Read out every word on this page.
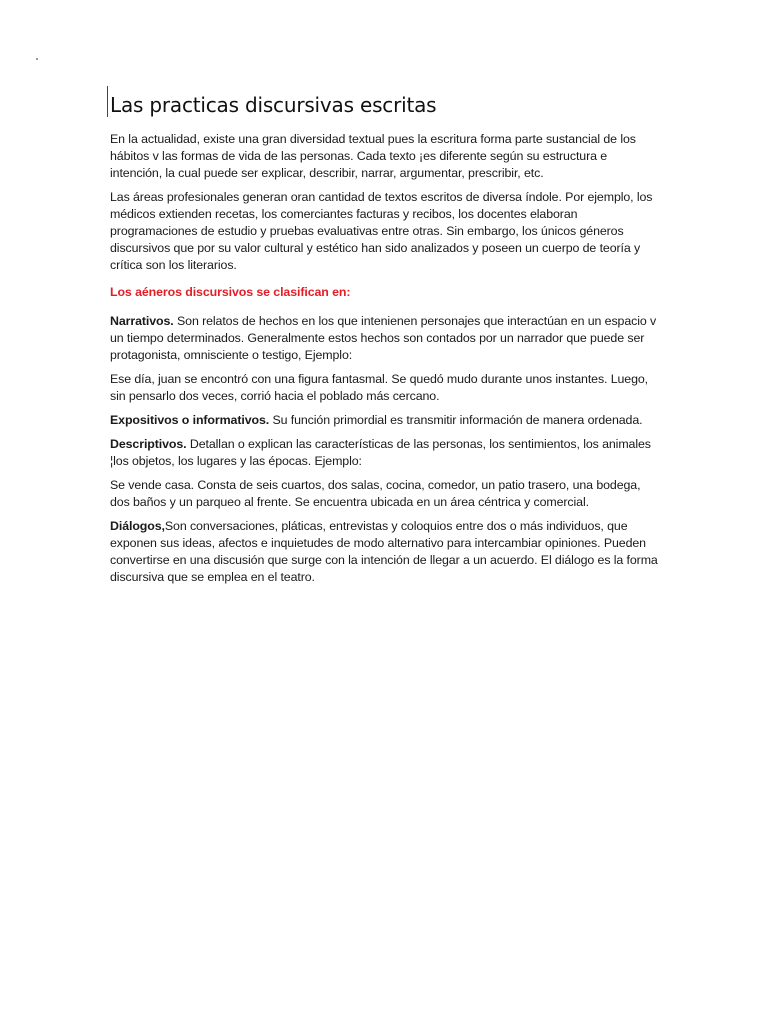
Las practicas discursivas escritas

En la actualidad, existe una gran diversidad textual pues la escritura forma parte sustancial de los hábitos v las formas de vida de las personas. Cada texto ¡es diferente según su estructura e intención, la cual puede ser explicar, describir, narrar, argumentar, prescribir, etc.

Las áreas profesionales generan oran cantidad de textos escritos de diversa índole. Por ejemplo, los médicos extienden recetas, los comerciantes facturas y recibos, los docentes elaboran programaciones de estudio y pruebas evaluativas entre otras. Sin embargo, los únicos géneros discursivos que por su valor cultural y estético han sido analizados y poseen un cuerpo de teoría y crítica son los literarios.

Los aéneros discursivos se clasifican en:

Narrativos. Son relatos de hechos en los que intenienen personajes que interactúan en un espacio v un tiempo determinados. Generalmente estos hechos son contados por un narrador que puede ser protagonista, omnisciente o testigo, Ejemplo:

Ese día, juan se encontró con una figura fantasmal. Se quedó mudo durante unos instantes. Luego, sin pensarlo dos veces, corrió hacia el poblado más cercano.

Expositivos o informativos. Su función primordial es transmitir información de manera ordenada.

Descriptivos. Detallan o explican las características de las personas, los sentimientos, los animales ¦los objetos, los lugares y las épocas. Ejemplo:

Se vende casa. Consta de seis cuartos, dos salas, cocina, comedor, un patio trasero, una bodega, dos baños y un parqueo al frente. Se encuentra ubicada en un área céntrica y comercial.

Diálogos,Son conversaciones, pláticas, entrevistas y coloquios entre dos o más individuos, que exponen sus ideas, afectos e inquietudes de modo alternativo para intercambiar opiniones. Pueden convertirse en una discusión que surge con la intención de llegar a un acuerdo. El diálogo es la forma discursiva que se emplea en el teatro.
